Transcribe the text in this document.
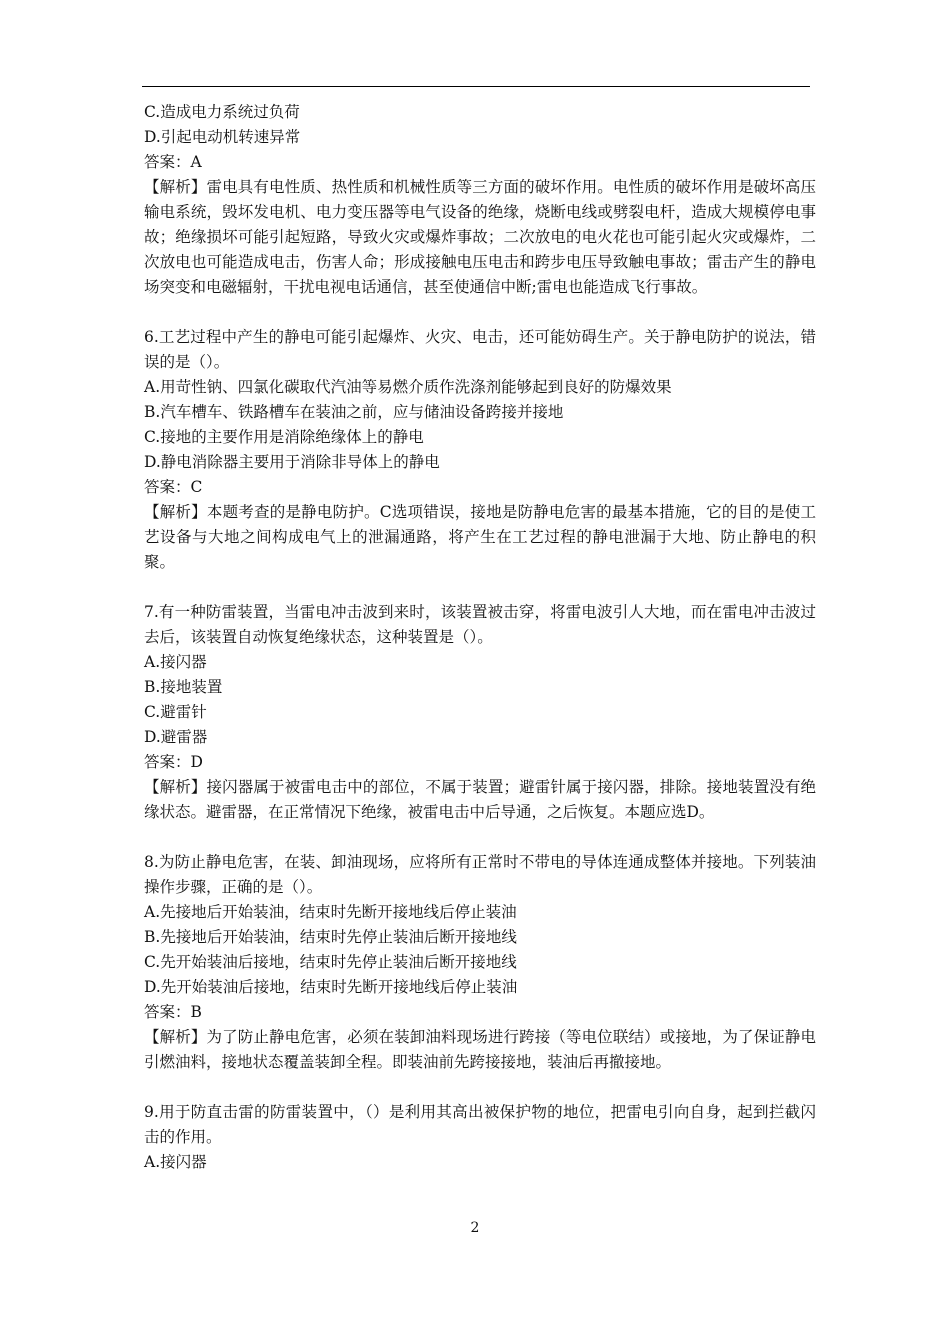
C.造成电力系统过负荷
D.引起电动机转速异常
答案：A
【解析】雷电具有电性质、热性质和机械性质等三方面的破坏作用。电性质的破坏作用是破坏高压输电系统，毁坏发电机、电力变压器等电气设备的绝缘，烧断电线或劈裂电杆，造成大规模停电事故；绝缘损坏可能引起短路，导致火灾或爆炸事故；二次放电的电火花也可能引起火灾或爆炸，二次放电也可能造成电击，伤害人命；形成接触电压电击和跨步电压导致触电事故；雷击产生的静电场突变和电磁辐射，干扰电视电话通信，甚至使通信中断;雷电也能造成飞行事故。
6.工艺过程中产生的静电可能引起爆炸、火灾、电击，还可能妨碍生产。关于静电防护的说法，错误的是（）。
A.用苛性钠、四氯化碳取代汽油等易燃介质作洗涤剂能够起到良好的防爆效果
B.汽车槽车、铁路槽车在装油之前，应与储油设备跨接并接地
C.接地的主要作用是消除绝缘体上的静电
D.静电消除器主要用于消除非导体上的静电
答案：C
【解析】本题考查的是静电防护。C选项错误，接地是防静电危害的最基本措施，它的目的是使工艺设备与大地之间构成电气上的泄漏通路，将产生在工艺过程的静电泄漏于大地、防止静电的积聚。
7.有一种防雷装置，当雷电冲击波到来时，该装置被击穿，将雷电波引人大地，而在雷电冲击波过去后，该装置自动恢复绝缘状态，这种装置是（）。
A.接闪器
B.接地装置
C.避雷针
D.避雷器
答案：D
【解析】接闪器属于被雷电击中的部位，不属于装置；避雷针属于接闪器，排除。接地装置没有绝缘状态。避雷器，在正常情况下绝缘，被雷电击中后导通，之后恢复。本题应选D。
8.为防止静电危害，在装、卸油现场，应将所有正常时不带电的导体连通成整体并接地。下列装油操作步骤，正确的是（）。
A.先接地后开始装油，结束时先断开接地线后停止装油
B.先接地后开始装油，结束时先停止装油后断开接地线
C.先开始装油后接地，结束时先停止装油后断开接地线
D.先开始装油后接地，结束时先断开接地线后停止装油
答案：B
【解析】为了防止静电危害，必须在装卸油料现场进行跨接（等电位联结）或接地，为了保证静电引燃油料，接地状态覆盖装卸全程。即装油前先跨接接地，装油后再撤接地。
9.用于防直击雷的防雷装置中，（）是利用其高出被保护物的地位，把雷电引向自身，起到拦截闪击的作用。
A.接闪器
2
